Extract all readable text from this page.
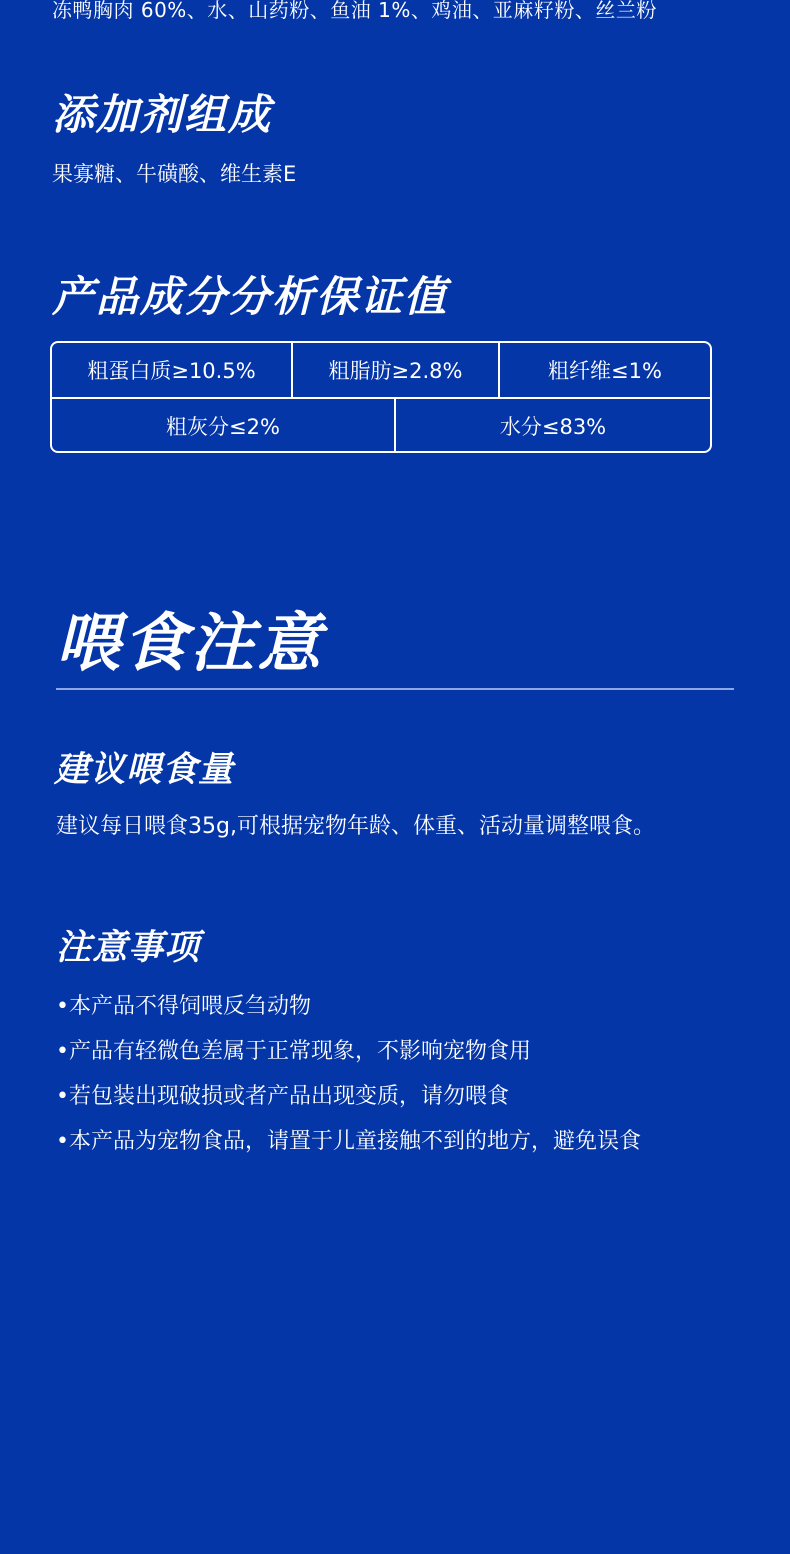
冻鸭胸肉 60%、水、山药粉、鱼油 1%、鸡油、亚麻籽粉、丝兰粉
添加剂组成
果寡糖、牛磺酸、维生素E
产品成分分析保证值
粗蛋白质≥10.5%	粗脂肪≥2.8%	粗纤维≤1%
粗灰分≤2%	水分≤83%
喂食注意
建议喂食量
建议每日喂食35g,可根据宠物年龄、体重、活动量调整喂食。
注意事项
•本产品不得饲喂反刍动物
•产品有轻微色差属于正常现象，不影响宠物食用
•若包装出现破损或者产品出现变质，请勿喂食
•本产品为宠物食品，请置于儿童接触不到的地方，避免误食
